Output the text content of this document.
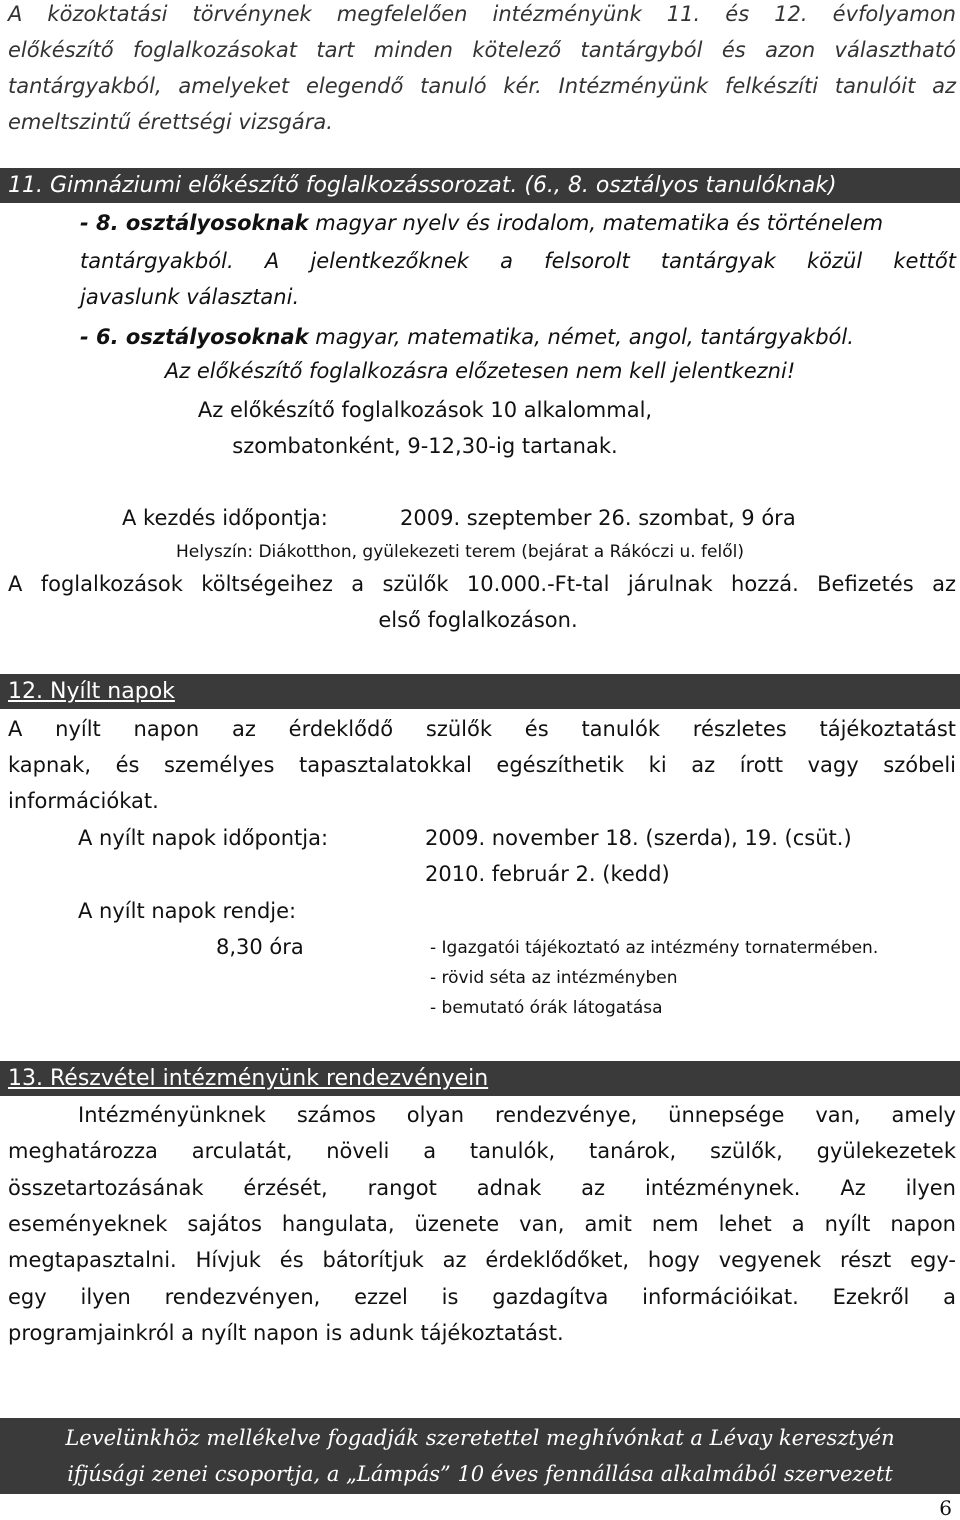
A közoktatási törvénynek megfelelően intézményünk 11. és 12. évfolyamon

előkészítő foglalkozásokat tart minden kötelező tantárgyból és azon választható

tantárgyakból, amelyeket elegendő tanuló kér. Intézményünk felkészíti tanulóit az

emeltszintű érettségi vizsgára.

11. Gimnáziumi előkészítő foglalkozássorozat. (6., 8. osztályos tanulóknak)

- 8. osztályosoknak magyar nyelv és irodalom, matematika és történelem

tantárgyakból. A jelentkezőknek a felsorolt tantárgyak közül kettőt

javaslunk választani.

- 6. osztályosoknak magyar, matematika, német, angol, tantárgyakból.

Az előkészítő foglalkozásra előzetesen nem kell jelentkezni!

Az előkészítő foglalkozások 10 alkalommal,

szombatonként, 9-12,30-ig tartanak.

A kezdés időpontja:	2009. szeptember 26. szombat, 9 óra

Helyszín: Diákotthon, gyülekezeti terem (bejárat a Rákóczi u. felől)

A foglalkozások költségeihez a szülők 10.000.-Ft-tal járulnak hozzá. Befizetés az

első foglalkozáson.

12. Nyílt napok

A nyílt napon az érdeklődő szülők és tanulók részletes tájékoztatást

kapnak, és személyes tapasztalatokkal egészíthetik ki az írott vagy szóbeli

információkat.

A nyílt napok időpontja:	2009. november 18. (szerda), 19. (csüt.)

2010. február 2. (kedd)

A nyílt napok rendje:

8,30 óra	- Igazgatói tájékoztató az intézmény tornatermében.
- rövid séta az intézményben
- bemutató órák látogatása
13. Részvétel intézményünk rendezvényein

Intézményünknek számos olyan rendezvénye, ünnepsége van, amely

meghatározza arculatát, növeli a tanulók, tanárok, szülők, gyülekezetek

összetartozásának érzését, rangot adnak az intézménynek. Az ilyen

eseményeknek sajátos hangulata, üzenete van, amit nem lehet a nyílt napon

megtapasztalni. Hívjuk és bátorítjuk az érdeklődőket, hogy vegyenek részt egy-

egy ilyen rendezvényen, ezzel is gazdagítva információikat. Ezekről a

programjainkról a nyílt napon is adunk tájékoztatást.

Levelünkhöz mellékelve fogadják szeretettel meghívónkat a Lévay keresztyén
ifjúsági zenei csoportja, a „Lámpás” 10 éves fennállása alkalmából szervezett
6
